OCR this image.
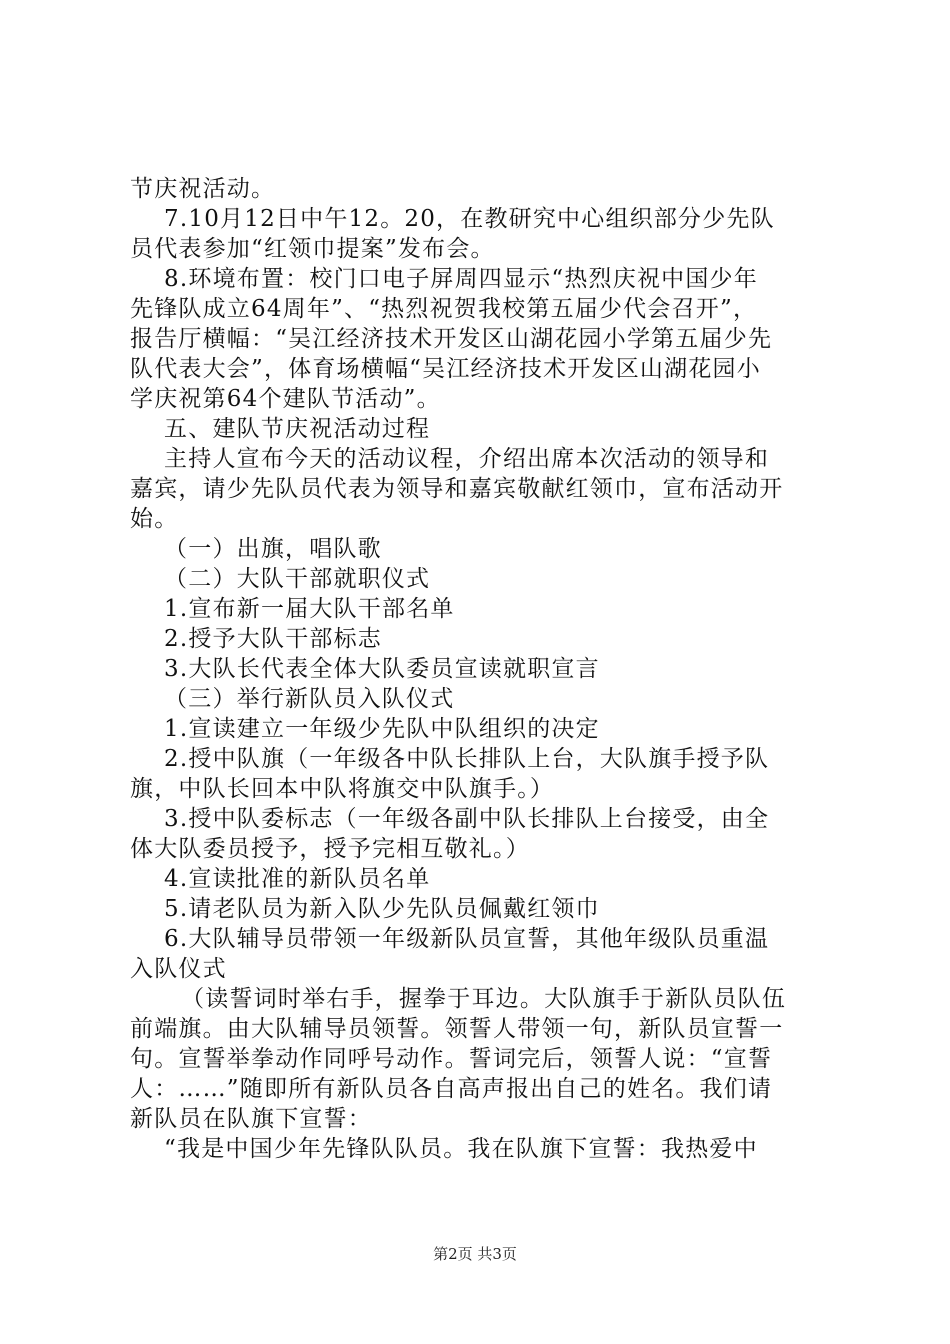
节庆祝活动。
7.10月12日中午12。20，在教研究中心组织部分少先队
员代表参加“红领巾提案”发布会。
8.环境布置：校门口电子屏周四显示“热烈庆祝中国少年
先锋队成立64周年”、“热烈祝贺我校第五届少代会召开”，
报告厅横幅：“吴江经济技术开发区山湖花园小学第五届少先
队代表大会”，体育场横幅“吴江经济技术开发区山湖花园小
学庆祝第64个建队节活动”。
五、建队节庆祝活动过程
主持人宣布今天的活动议程，介绍出席本次活动的领导和
嘉宾，请少先队员代表为领导和嘉宾敬献红领巾，宣布活动开
始。
（一）出旗，唱队歌
（二）大队干部就职仪式
1.宣布新一届大队干部名单
2.授予大队干部标志
3.大队长代表全体大队委员宣读就职宣言
（三）举行新队员入队仪式
1.宣读建立一年级少先队中队组织的决定
2.授中队旗（一年级各中队长排队上台，大队旗手授予队
旗，中队长回本中队将旗交中队旗手。）
3.授中队委标志（一年级各副中队长排队上台接受，由全
体大队委员授予，授予完相互敬礼。）
4.宣读批准的新队员名单
5.请老队员为新入队少先队员佩戴红领巾
6.大队辅导员带领一年级新队员宣誓，其他年级队员重温
入队仪式
（读誓词时举右手，握拳于耳边。大队旗手于新队员队伍
前端旗。由大队辅导员领誓。领誓人带领一句，新队员宣誓一
句。宣誓举拳动作同呼号动作。誓词完后，领誓人说：“宣誓
人：……”随即所有新队员各自高声报出自己的姓名。我们请
新队员在队旗下宣誓：
“我是中国少年先锋队队员。我在队旗下宣誓：我热爱中
第2页 共3页
